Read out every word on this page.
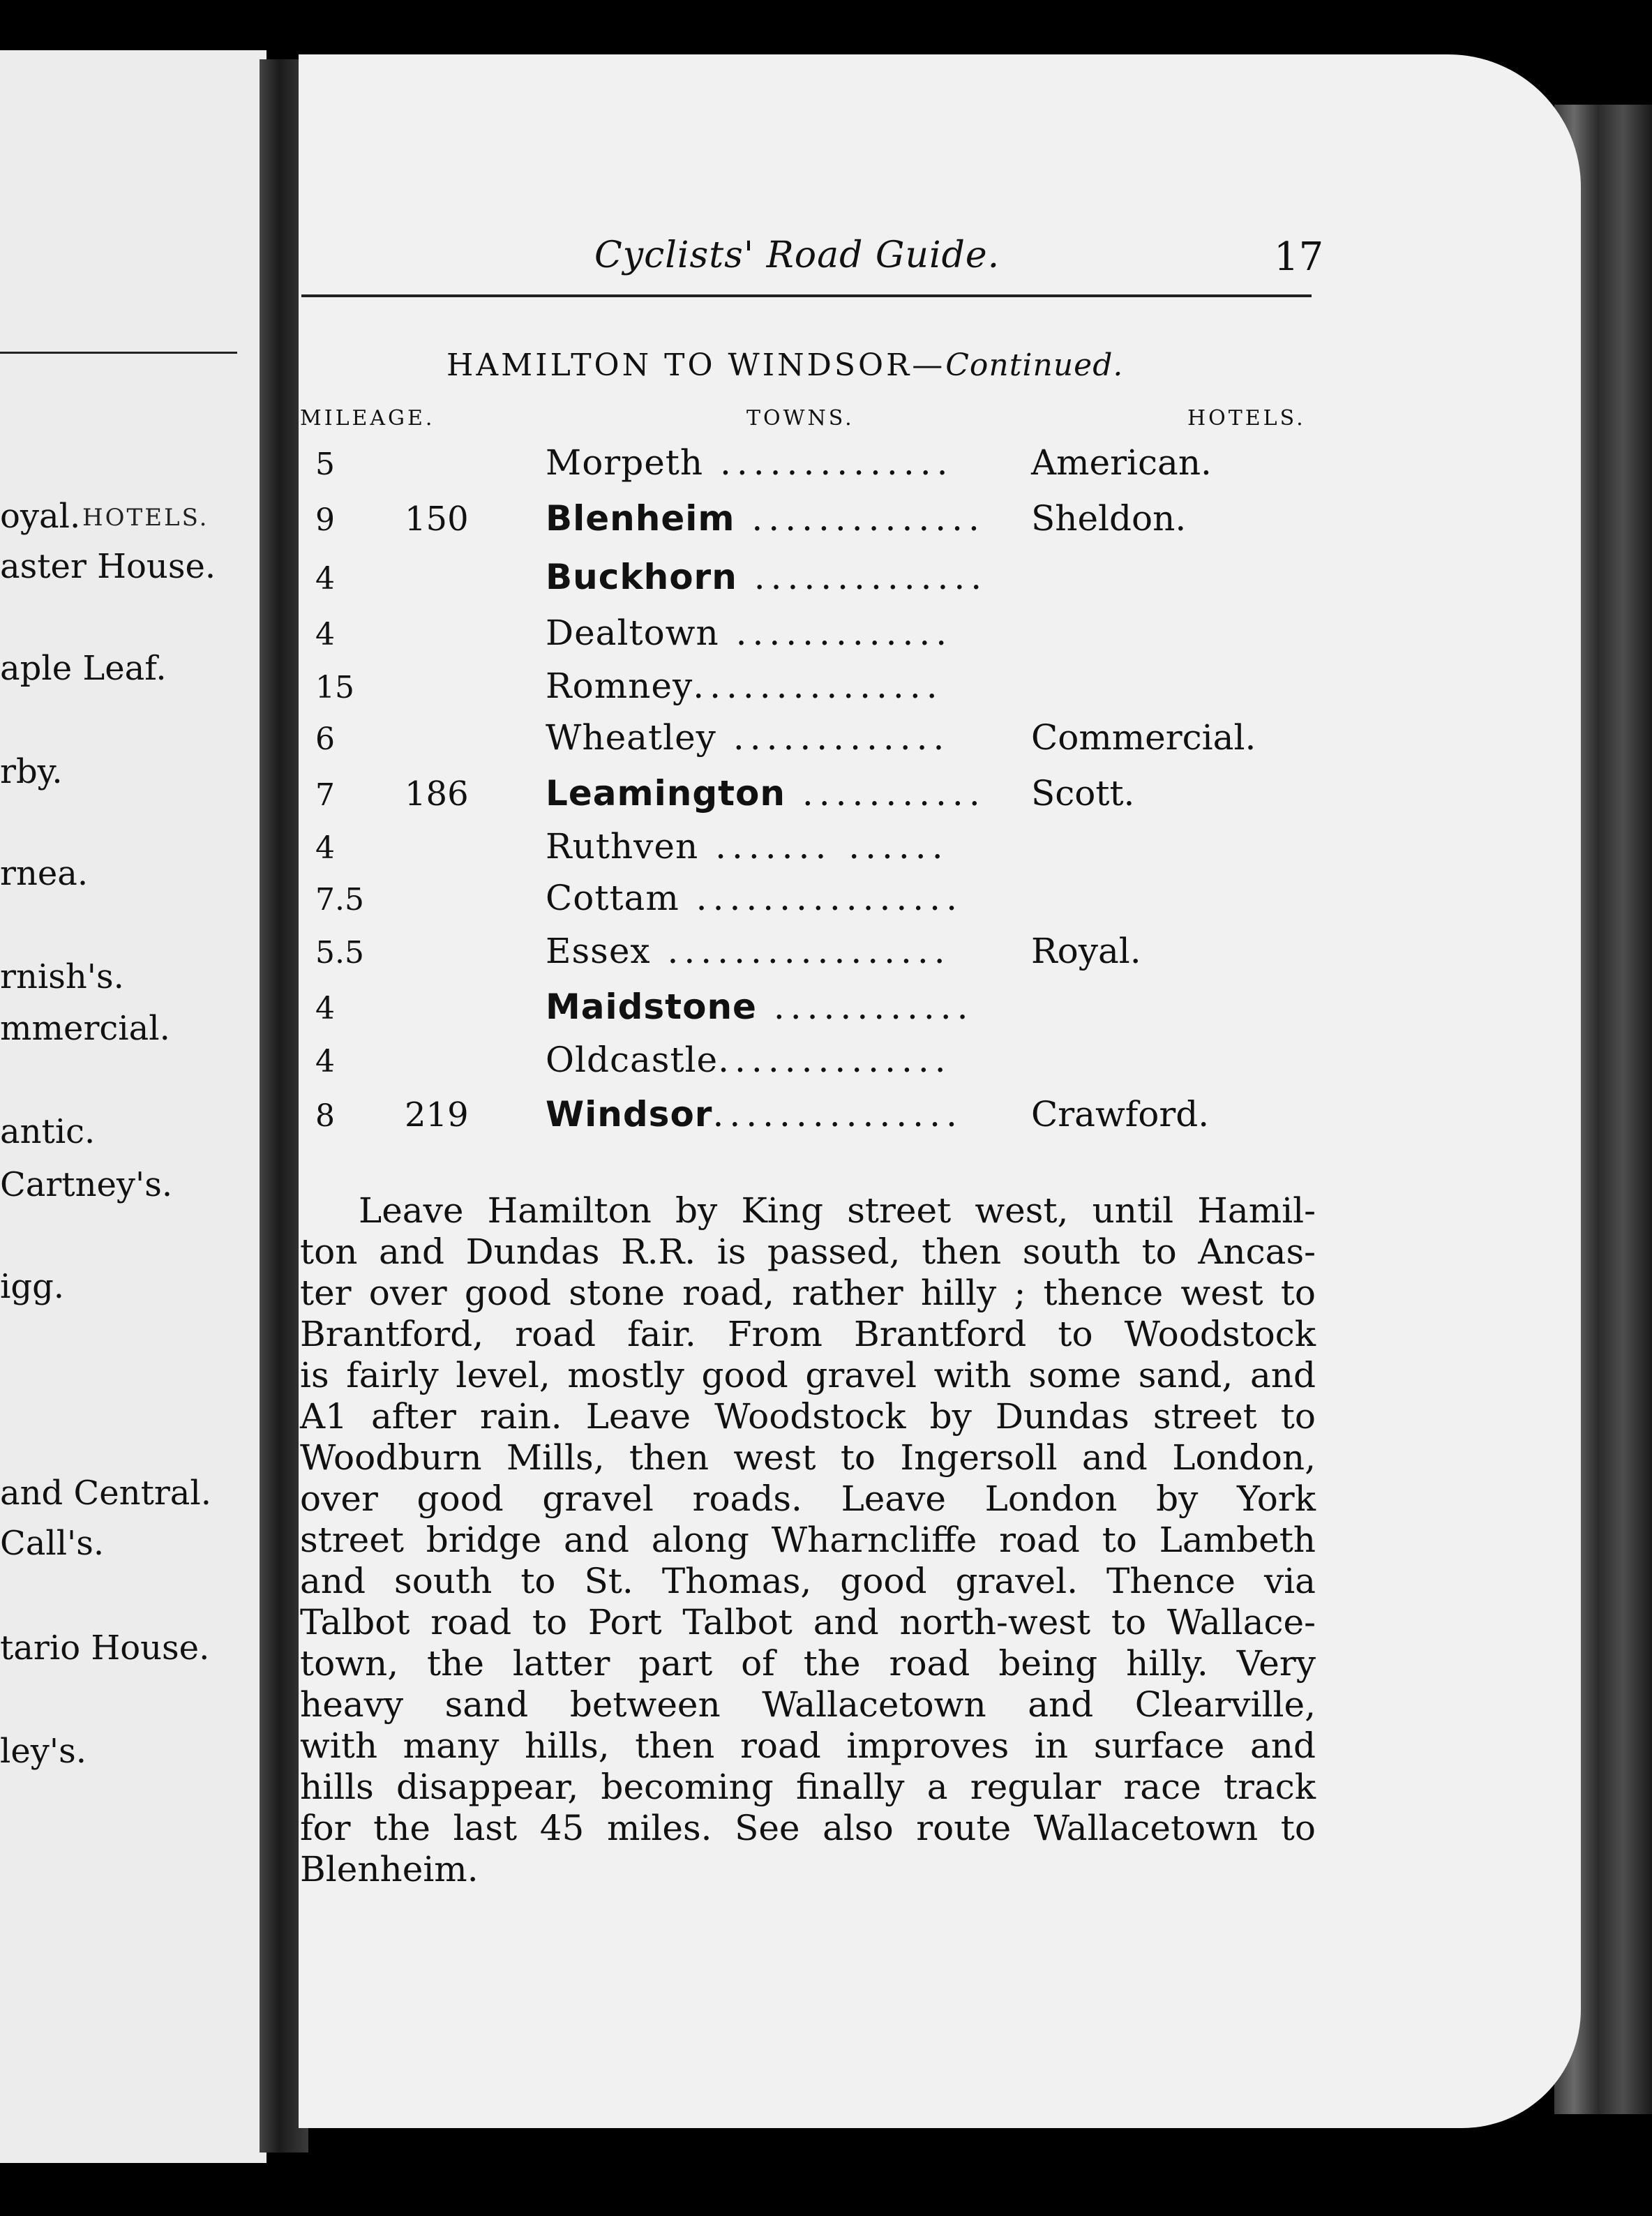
HOTELS.
oyal.
aster House.
aple Leaf.
rby.
rnea.
rnish's.
mmercial.
antic.
Cartney's.
igg.
and Central.
Call's.
tario House.
ley's.
Cyclists' Road Guide.	17
HAMILTON TO WINDSOR—Continued.
MILEAGE.	TOWNS.	HOTELS.
5	Morpeth .............. American.
9 150 Blenheim .............. Sheldon.
4	Buckhorn ..............
4	Dealtown .............
15	Romney...............
6	Wheatley ............. Commercial.
7 186 Leamington ........... Scott.
4	Ruthven ....... ......
7.5	Cottam ................
5.5	Essex ................. Royal.
4	Maidstone ............
4	Oldcastle..............
8 219 Windsor............... Crawford.
Leave Hamilton by King street west, until Hamil-
ton and Dundas R.R. is passed, then south to Ancas-
ter over good stone road, rather hilly ; thence west to
Brantford, road fair. From Brantford to Woodstock
is fairly level, mostly good gravel with some sand, and
A1 after rain. Leave Woodstock by Dundas street to
Woodburn Mills, then west to Ingersoll and London,
over good gravel roads. Leave London by York
street bridge and along Wharncliffe road to Lambeth
and south to St. Thomas, good gravel. Thence via
Talbot road to Port Talbot and north-west to Wallace-
town, the latter part of the road being hilly. Very
heavy sand between Wallacetown and Clearville,
with many hills, then road improves in surface and
hills disappear, becoming finally a regular race track
for the last 45 miles. See also route Wallacetown to
Blenheim.
